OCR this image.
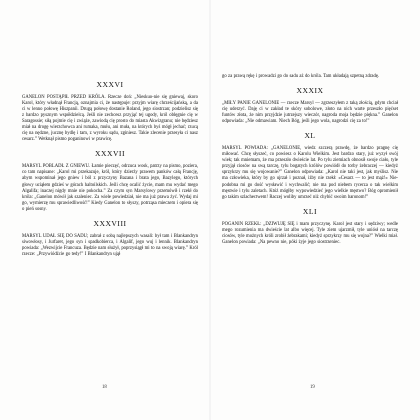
XXXVI

GANELON POSTĄPIŁ PRZED KRÓLA. Rzecze doń: „Nieskuo-nie się gniewaj, skoro Karol, który władnął Francją, oznajmia ci, że następuje: przyjm wiarę chrześcijańską, a da ci w lenno połowę Hiszpanii. Drugą połowę dostanie Roland, jego siostrzan; podzielisz się z bardzo pysznym współdzielcą. Jeśli nie zechcesz przyjąć tej ugody, król oblęgnie cię w Saragossie; siłą pojmie cię i zwiąże, zawiodą cię prosto do miasta Akwizgranu; nie będziesz miał na drogę wierzchowca ani rumaka, mułu, ani muła, na których byś mógł jechać; rzucą cię na nędzne, jucznę bydlę i tam, z wyroku sądu, zginiesz. Takie zlecenie przesyła ci nasz cesarz.” Wetknął pismo poganinowi w prawicę.

XXXVII

MARSYL POBLADŁ Z GNIEWU. Łamie pieczęć, odrzuca wosk, patrzy na pismo, poziera, co tam napisane: „Karol mi przekazuje, król, który dzierży prawem panków całą Francję, abym wspominał jego gniew i ból z przyczyny Bazana i brata jego, Bazylego, których głowy uciąłem gdzieś w górach haltoilskich. Jeśli chcę ocalić życie, mam mu wydać mego Algalifa; inaczej nigdy mnie nie pokocha.” Za czym syn Marsylowy przemówił i rzekł do króla: „Ganelon mówił jak szaleniec. Za wiele powiedział, nie ma już prawa żyć. Wydaj mi go, wymierzę mu sprawiedliwość!” Kiedy Ganelon to słyszy, potrząsa mieczem i opiera się o pień sosny.

XXXVIII

MARSYL UDAŁ SIĘ DO SADU; zabrał z sobą najlepszych wasali: był tam i Blankandryn siwowłosy, i Jurfaret, jego syn i spadkobierca, i Algalif, jego wuj i lennik. Blankandryn powiada: „Wezwijcie Francuza. Będzie nam służył, poprzysiągł mi to na swoją wiarę.” Król rzecze: „Przywiódźcie go tedy!” I Blankandryn ujął

18

go za prawą rękę i prowadzi go do sadu aż do króla. Tam układają szpetną zdradę.

XXXIX

„MIŁY PANIE GANELONIE — rzecze Marsyl — zgrzeszyłem z taką złością, gdym chciał cię uderzyć. Daję ci w zakład te skóry sobolowe, złoto na nich warte przeszło pięćset funtów złota, że nim przyjdzie jutrzejszy wieczór, nagroda moja będzie piękna.” Ganelon odpowiada: „Nie odmawiam. Niech Bóg, jeśli jego wola, nagrodzi cię za to!”

XL

MARSYL POWIADA: „GANELONIE, wiedz szczerą prawdę, że bardzo pragnę cię miłować. Chcę słyszeć, co powiesz o Karolu Wielkim. Jest bardzo stary, już wyzył swój wiek; tak mniemam, że ma przeszło dwieście lat. Po tylu ziemiach obnosił swoje ciało, tyle przyjął ciosów na swą tarczę, tylu bogatych królów powiódł do torby żebraczej — kiedyż sprzykrzy mu się wojowanie?” Ganelon odpowiada: „Karol nie taki jest, jak myślisz. Nie ma człowieka, który by go ujrzał i poznał, iżby nie rzekł: «Cesarz — to jest mąż!» Nie- podobna mi go dość wysławić i wychwalić; nie ma pod niebem rycerza o tak wielkim męstwie i tylu zaletach. Któż mógłby wypowiedzieć jego wielkie męstwo? Bóg opromienił go takim szlachectwem! Raczej woliby umrzeć niż chybić swoim baronom!”

XLI

POGANIN RZEKŁ: „DZIWUJĘ SIĘ i mam przyczynę. Karol jest stary i sędziwy; wedle mego rozumienia ma dwieście lat albo więcej. Tyle ziem ujarzmił, tyle uniósł na tarczę ciosów, tyle możnych króli zrobił żebrakami; kiedyż sprzykrzy mu się wojna?” Wielki miał. Ganelon powiada: „Na pewno nie, póki żyje jego siostrzeniec.

19
